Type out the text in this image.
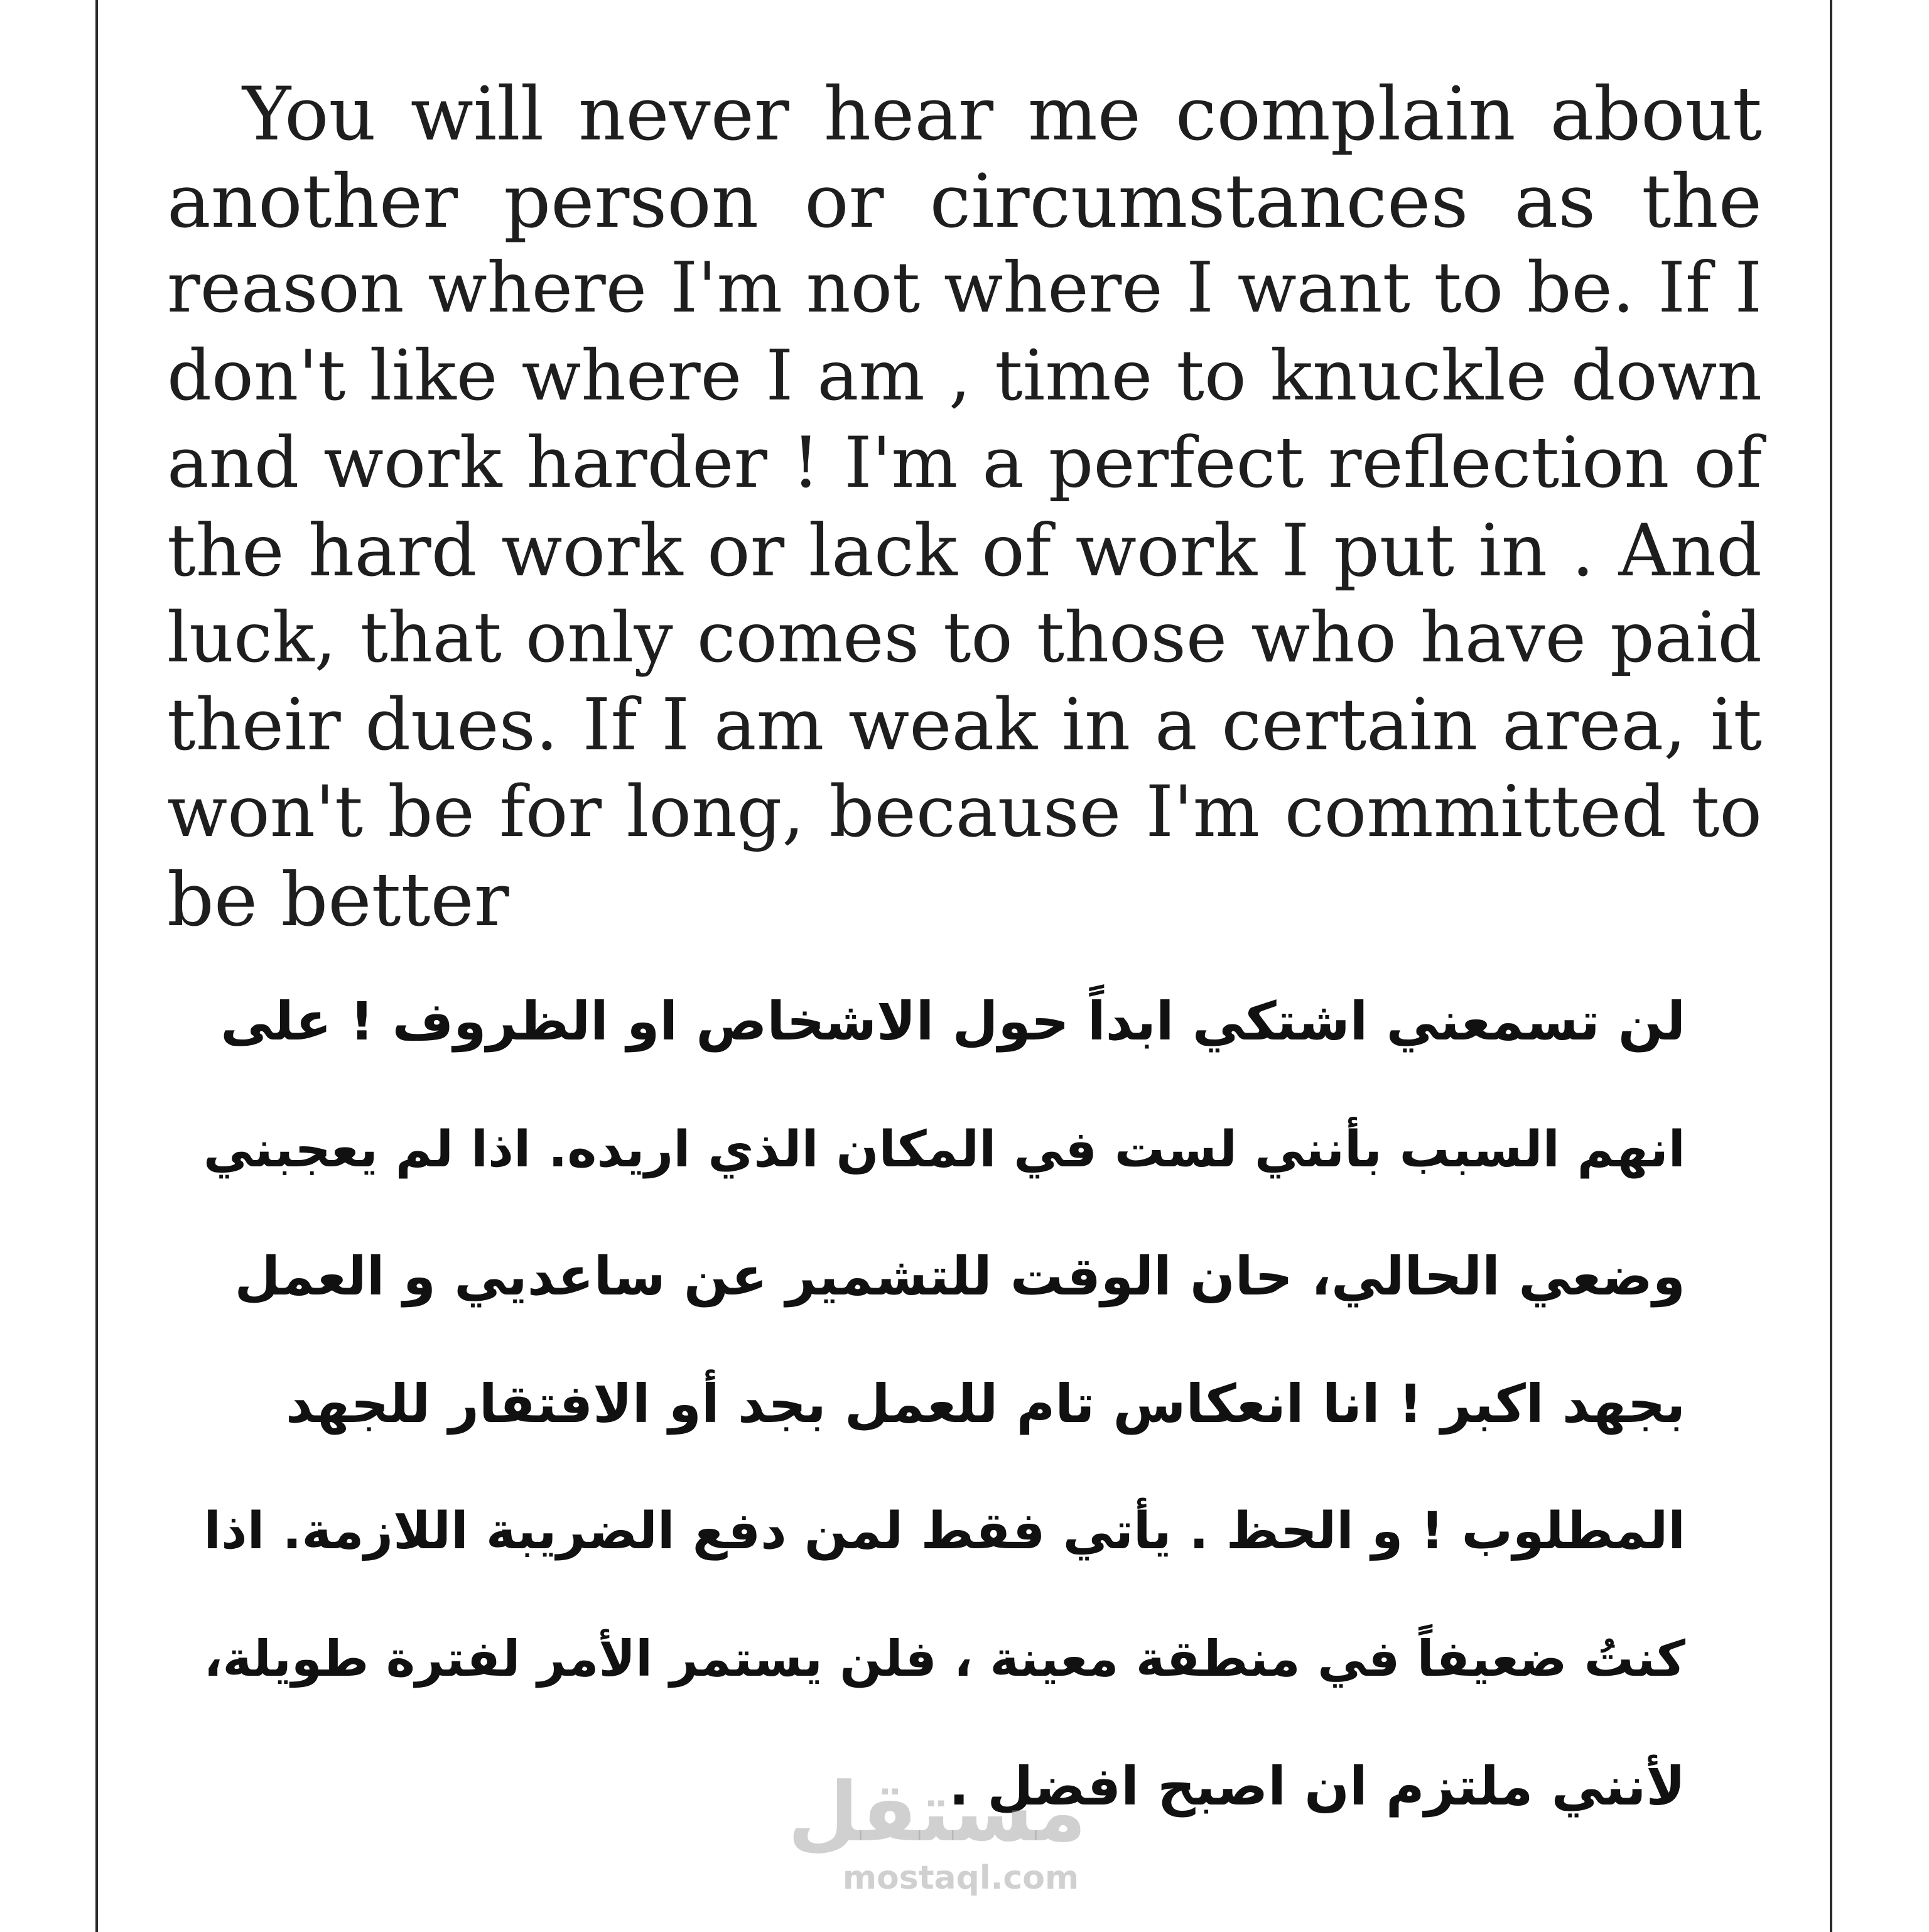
You will never hear me complain about
another person or circumstances as the
reason where I'm not where I want to be. If I
don't like where I am , time to knuckle down
and work harder ! I'm a perfect reflection of
the hard work or lack of work I put in . And
luck, that only comes to those who have paid
their dues. If I am weak in a certain area, it
won't be for long, because I'm committed to
be better
لن تسمعني اشتكي ابداً حول الاشخاص او الظروف ! على
انهم السبب بأنني لست في المكان الذي اريده. اذا لم يعجبني
وضعي الحالي، حان الوقت للتشمير عن ساعديي و العمل
بجهد اكبر ! انا انعكاس تام للعمل بجد أو الافتقار للجهد
المطلوب ! و الحظ . يأتي فقط لمن دفع الضريبة اللازمة. اذا
كنتُ ضعيفاً في منطقة معينة ، فلن يستمر الأمر لفترة طويلة،
لأنني ملتزم ان اصبح افضل .
مستقل
mostaql.com
